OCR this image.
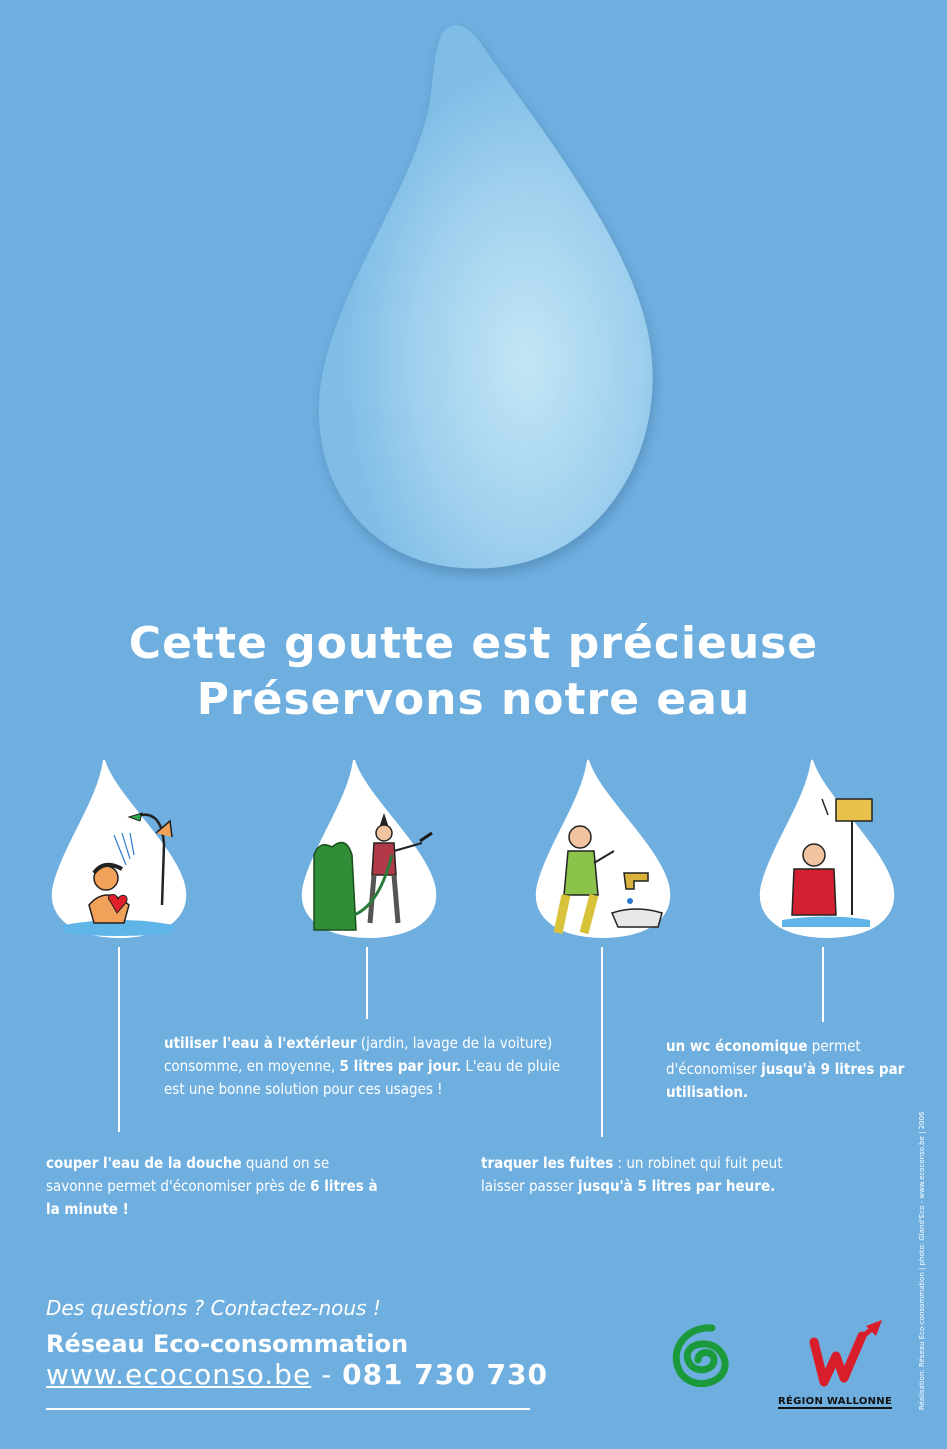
Cette goutte est précieuse
Préservons notre eau
couper l'eau de la douche quand on se savonne permet d'économiser près de 6 litres à la minute !
utiliser l'eau à l'extérieur (jardin, lavage de la voiture) consomme, en moyenne, 5 litres par jour. L'eau de pluie est une bonne solution pour ces usages !
traquer les fuites : un robinet qui fuit peut laisser passer jusqu'à 5 litres par heure.
un wc économique permet d'économiser jusqu'à 9 litres par utilisation.
Des questions ? Contactez-nous !
Réseau Eco-consommation
www.ecoconso.be - 081 730 730
RÉGION WALLONNE	Réalisation: Réseau Eco-consommation | photo: Gland'Eco - www.ecoconso.be | 2006
